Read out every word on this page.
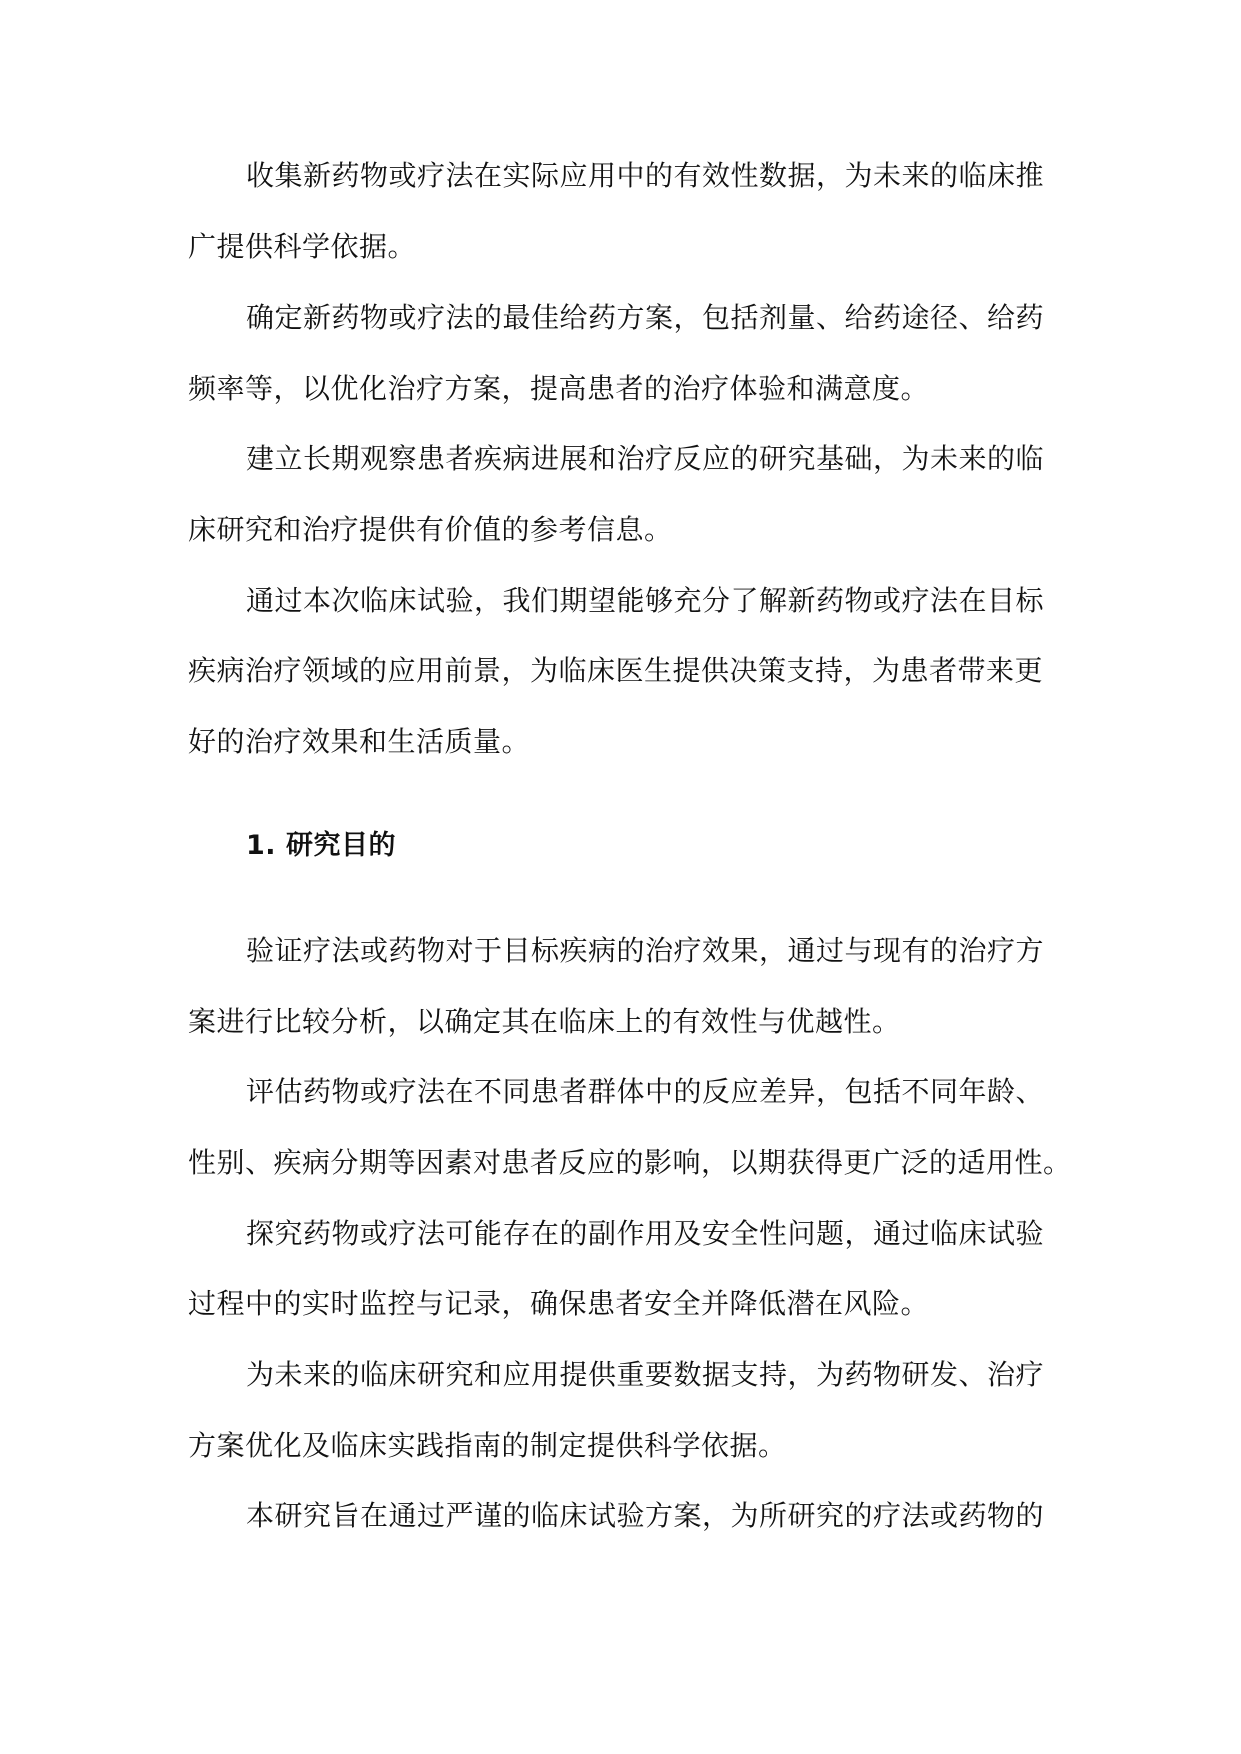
收集新药物或疗法在实际应用中的有效性数据，为未来的临床推
广提供科学依据。
确定新药物或疗法的最佳给药方案，包括剂量、给药途径、给药
频率等，以优化治疗方案，提高患者的治疗体验和满意度。
建立长期观察患者疾病进展和治疗反应的研究基础，为未来的临
床研究和治疗提供有价值的参考信息。
通过本次临床试验，我们期望能够充分了解新药物或疗法在目标
疾病治疗领域的应用前景，为临床医生提供决策支持，为患者带来更
好的治疗效果和生活质量。
1. 研究目的
验证疗法或药物对于目标疾病的治疗效果，通过与现有的治疗方
案进行比较分析，以确定其在临床上的有效性与优越性。
评估药物或疗法在不同患者群体中的反应差异，包括不同年龄、
性别、疾病分期等因素对患者反应的影响，以期获得更广泛的适用性。
探究药物或疗法可能存在的副作用及安全性问题，通过临床试验
过程中的实时监控与记录，确保患者安全并降低潜在风险。
为未来的临床研究和应用提供重要数据支持，为药物研发、治疗
方案优化及临床实践指南的制定提供科学依据。
本研究旨在通过严谨的临床试验方案，为所研究的疗法或药物的
